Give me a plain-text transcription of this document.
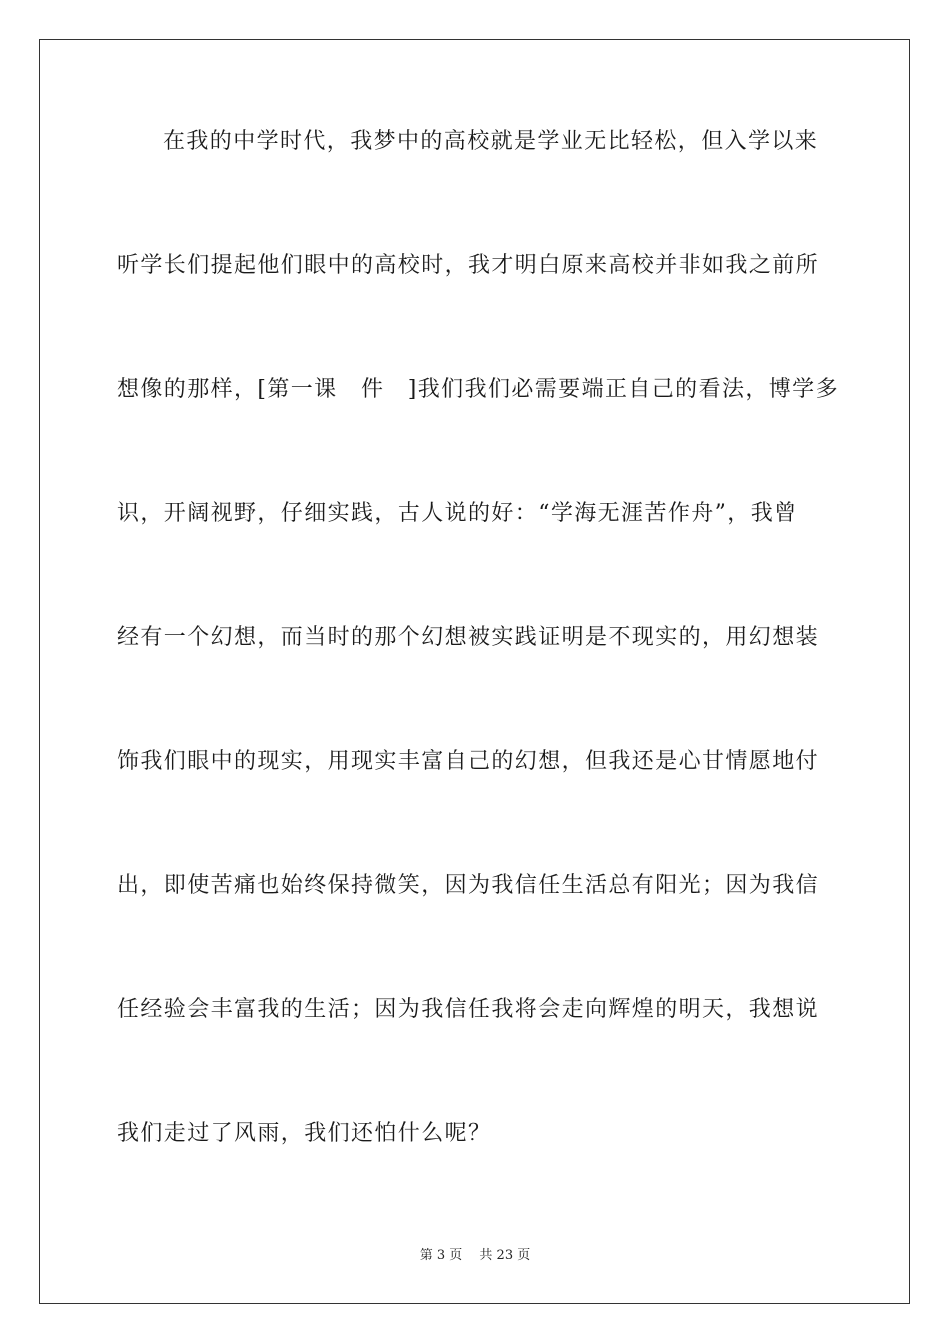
在我的中学时代，我梦中的高校就是学业无比轻松，但入学以来
听学长们提起他们眼中的高校时，我才明白原来高校并非如我之前所
想像的那样，[第一课　件　]我们我们必需要端正自己的看法，博学多
识，开阔视野，仔细实践，古人说的好：“学海无涯苦作舟”，我曾
经有一个幻想，而当时的那个幻想被实践证明是不现实的，用幻想装
饰我们眼中的现实，用现实丰富自己的幻想，但我还是心甘情愿地付
出，即使苦痛也始终保持微笑，因为我信任生活总有阳光；因为我信
任经验会丰富我的生活；因为我信任我将会走向辉煌的明天，我想说
我们走过了风雨，我们还怕什么呢？
第 3 页　 共 23 页
